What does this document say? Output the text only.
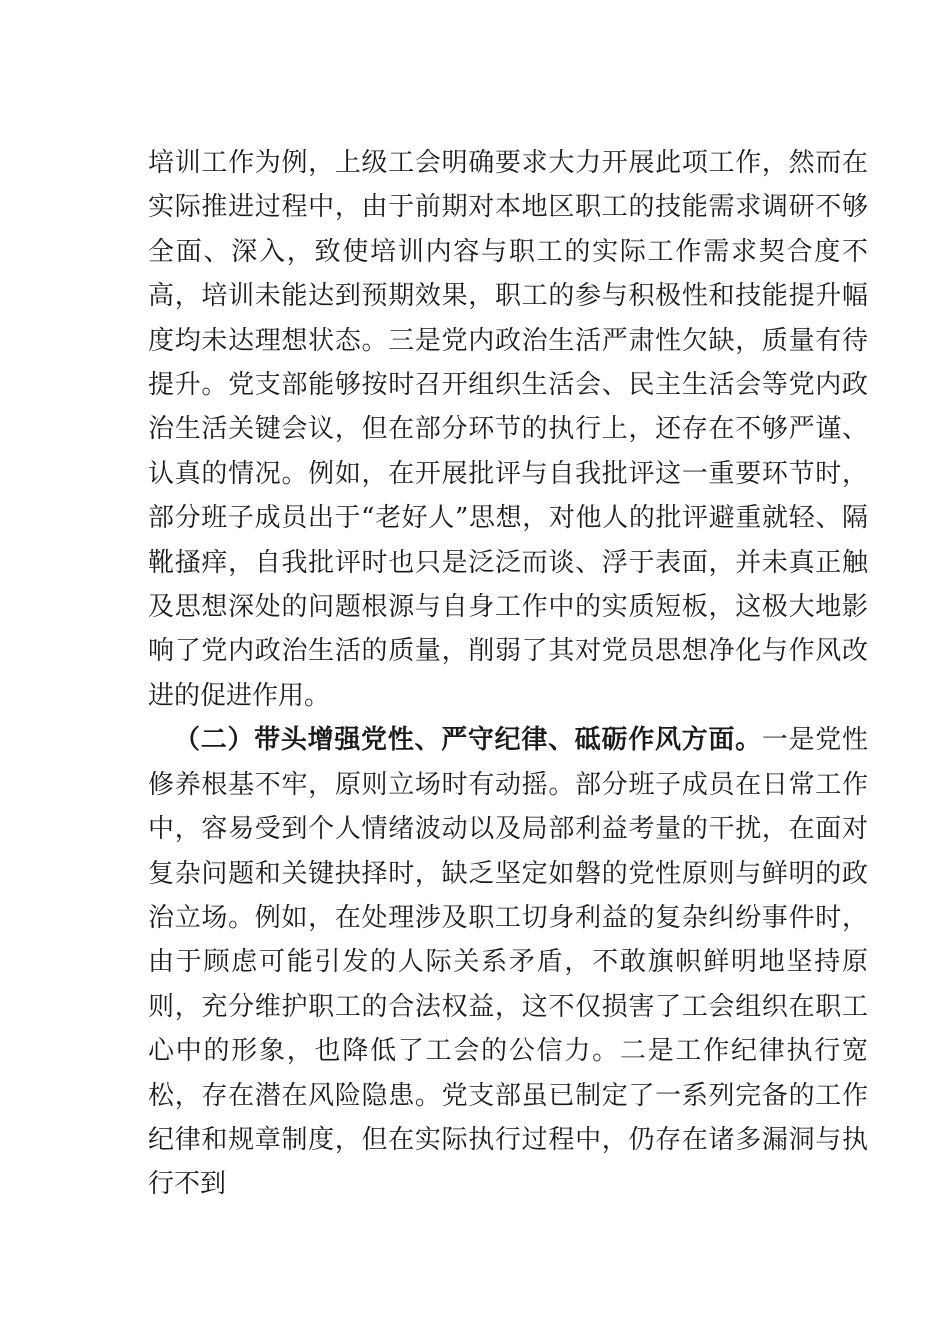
培训工作为例，上级工会明确要求大力开展此项工作，然而在实际推进过程中，由于前期对本地区职工的技能需求调研不够全面、深入，致使培训内容与职工的实际工作需求契合度不高，培训未能达到预期效果，职工的参与积极性和技能提升幅度均未达理想状态。三是党内政治生活严肃性欠缺，质量有待提升。党支部能够按时召开组织生活会、民主生活会等党内政治生活关键会议，但在部分环节的执行上，还存在不够严谨、认真的情况。例如，在开展批评与自我批评这一重要环节时，部分班子成员出于“老好人”思想，对他人的批评避重就轻、隔靴搔痒，自我批评时也只是泛泛而谈、浮于表面，并未真正触及思想深处的问题根源与自身工作中的实质短板，这极大地影响了党内政治生活的质量，削弱了其对党员思想净化与作风改进的促进作用。

（二）带头增强党性、严守纪律、砥砺作风方面。一是党性修养根基不牢，原则立场时有动摇。部分班子成员在日常工作中，容易受到个人情绪波动以及局部利益考量的干扰，在面对复杂问题和关键抉择时，缺乏坚定如磐的党性原则与鲜明的政治立场。例如，在处理涉及职工切身利益的复杂纠纷事件时，由于顾虑可能引发的人际关系矛盾，不敢旗帜鲜明地坚持原则，充分维护职工的合法权益，这不仅损害了工会组织在职工心中的形象，也降低了工会的公信力。二是工作纪律执行宽松，存在潜在风险隐患。党支部虽已制定了一系列完备的工作纪律和规章制度，但在实际执行过程中，仍存在诸多漏洞与执行不到
